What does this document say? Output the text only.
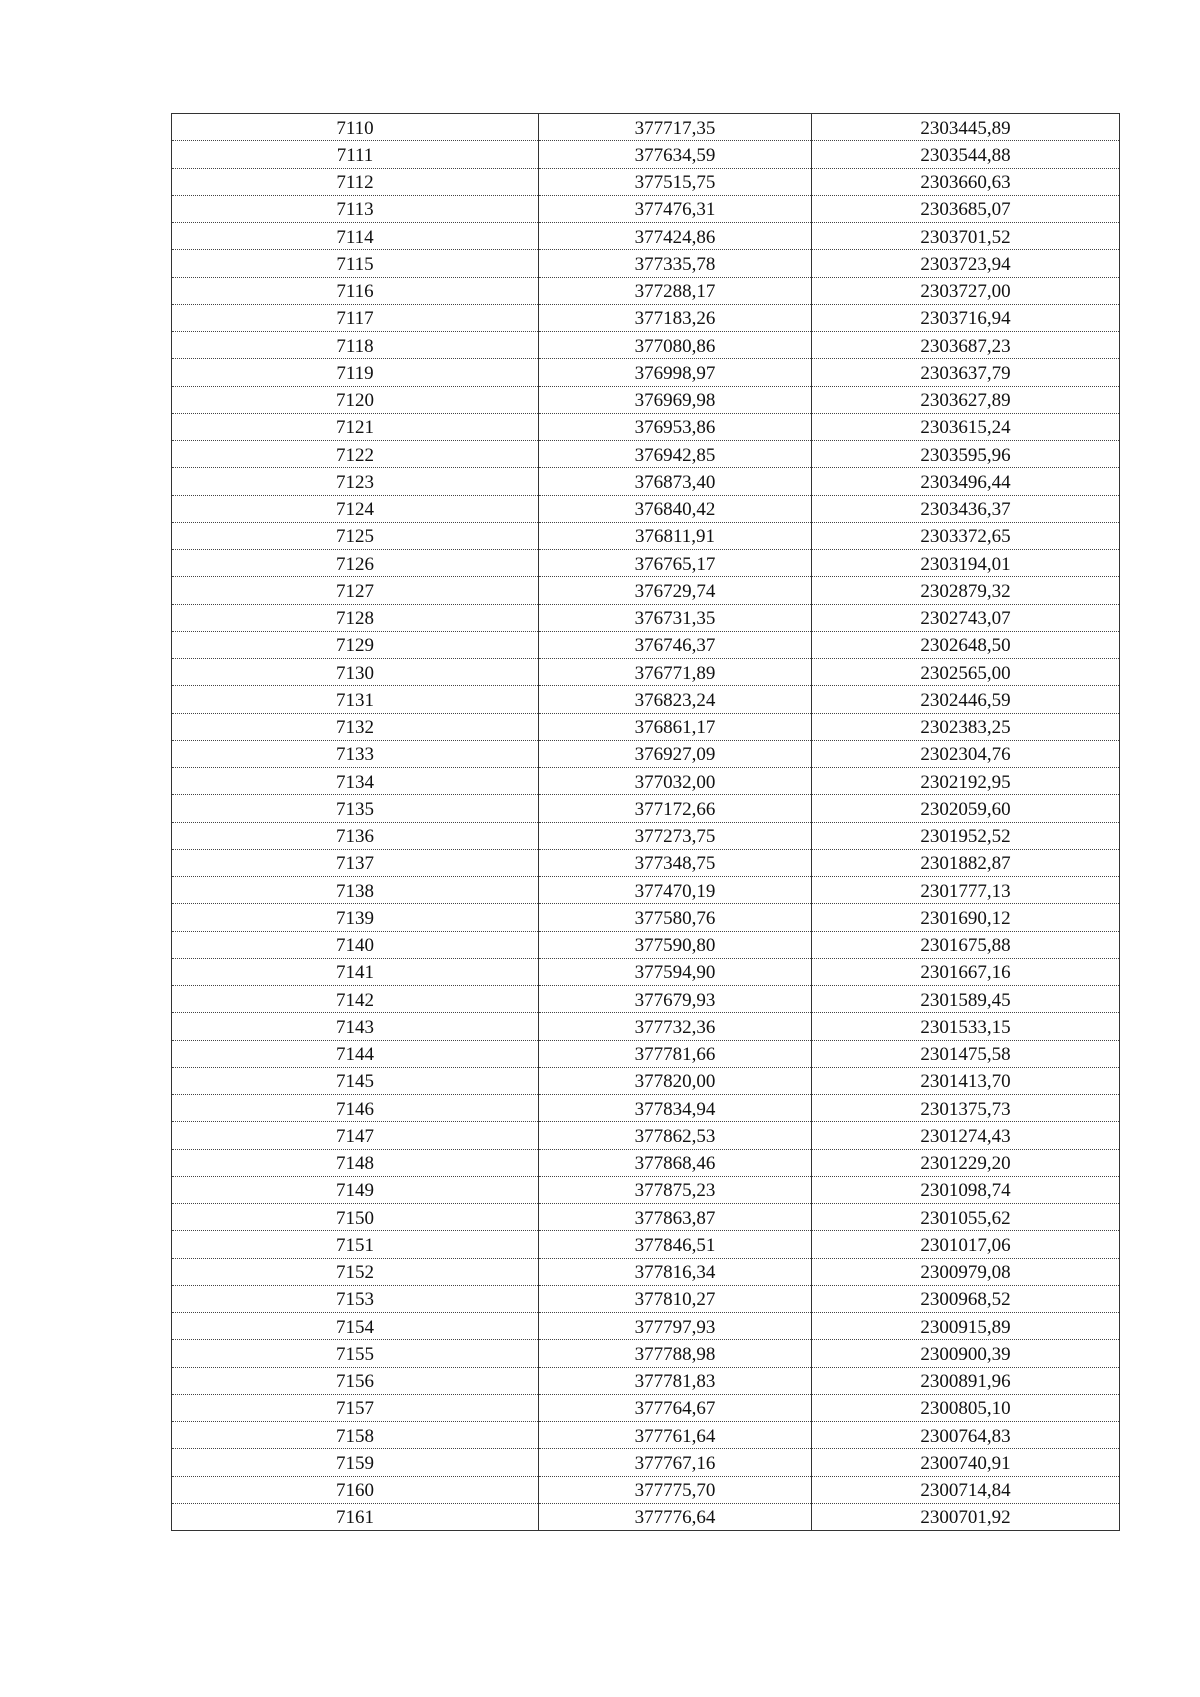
7110	377717,35	2303445,89
7111	377634,59	2303544,88
7112	377515,75	2303660,63
7113	377476,31	2303685,07
7114	377424,86	2303701,52
7115	377335,78	2303723,94
7116	377288,17	2303727,00
7117	377183,26	2303716,94
7118	377080,86	2303687,23
7119	376998,97	2303637,79
7120	376969,98	2303627,89
7121	376953,86	2303615,24
7122	376942,85	2303595,96
7123	376873,40	2303496,44
7124	376840,42	2303436,37
7125	376811,91	2303372,65
7126	376765,17	2303194,01
7127	376729,74	2302879,32
7128	376731,35	2302743,07
7129	376746,37	2302648,50
7130	376771,89	2302565,00
7131	376823,24	2302446,59
7132	376861,17	2302383,25
7133	376927,09	2302304,76
7134	377032,00	2302192,95
7135	377172,66	2302059,60
7136	377273,75	2301952,52
7137	377348,75	2301882,87
7138	377470,19	2301777,13
7139	377580,76	2301690,12
7140	377590,80	2301675,88
7141	377594,90	2301667,16
7142	377679,93	2301589,45
7143	377732,36	2301533,15
7144	377781,66	2301475,58
7145	377820,00	2301413,70
7146	377834,94	2301375,73
7147	377862,53	2301274,43
7148	377868,46	2301229,20
7149	377875,23	2301098,74
7150	377863,87	2301055,62
7151	377846,51	2301017,06
7152	377816,34	2300979,08
7153	377810,27	2300968,52
7154	377797,93	2300915,89
7155	377788,98	2300900,39
7156	377781,83	2300891,96
7157	377764,67	2300805,10
7158	377761,64	2300764,83
7159	377767,16	2300740,91
7160	377775,70	2300714,84
7161	377776,64	2300701,92
